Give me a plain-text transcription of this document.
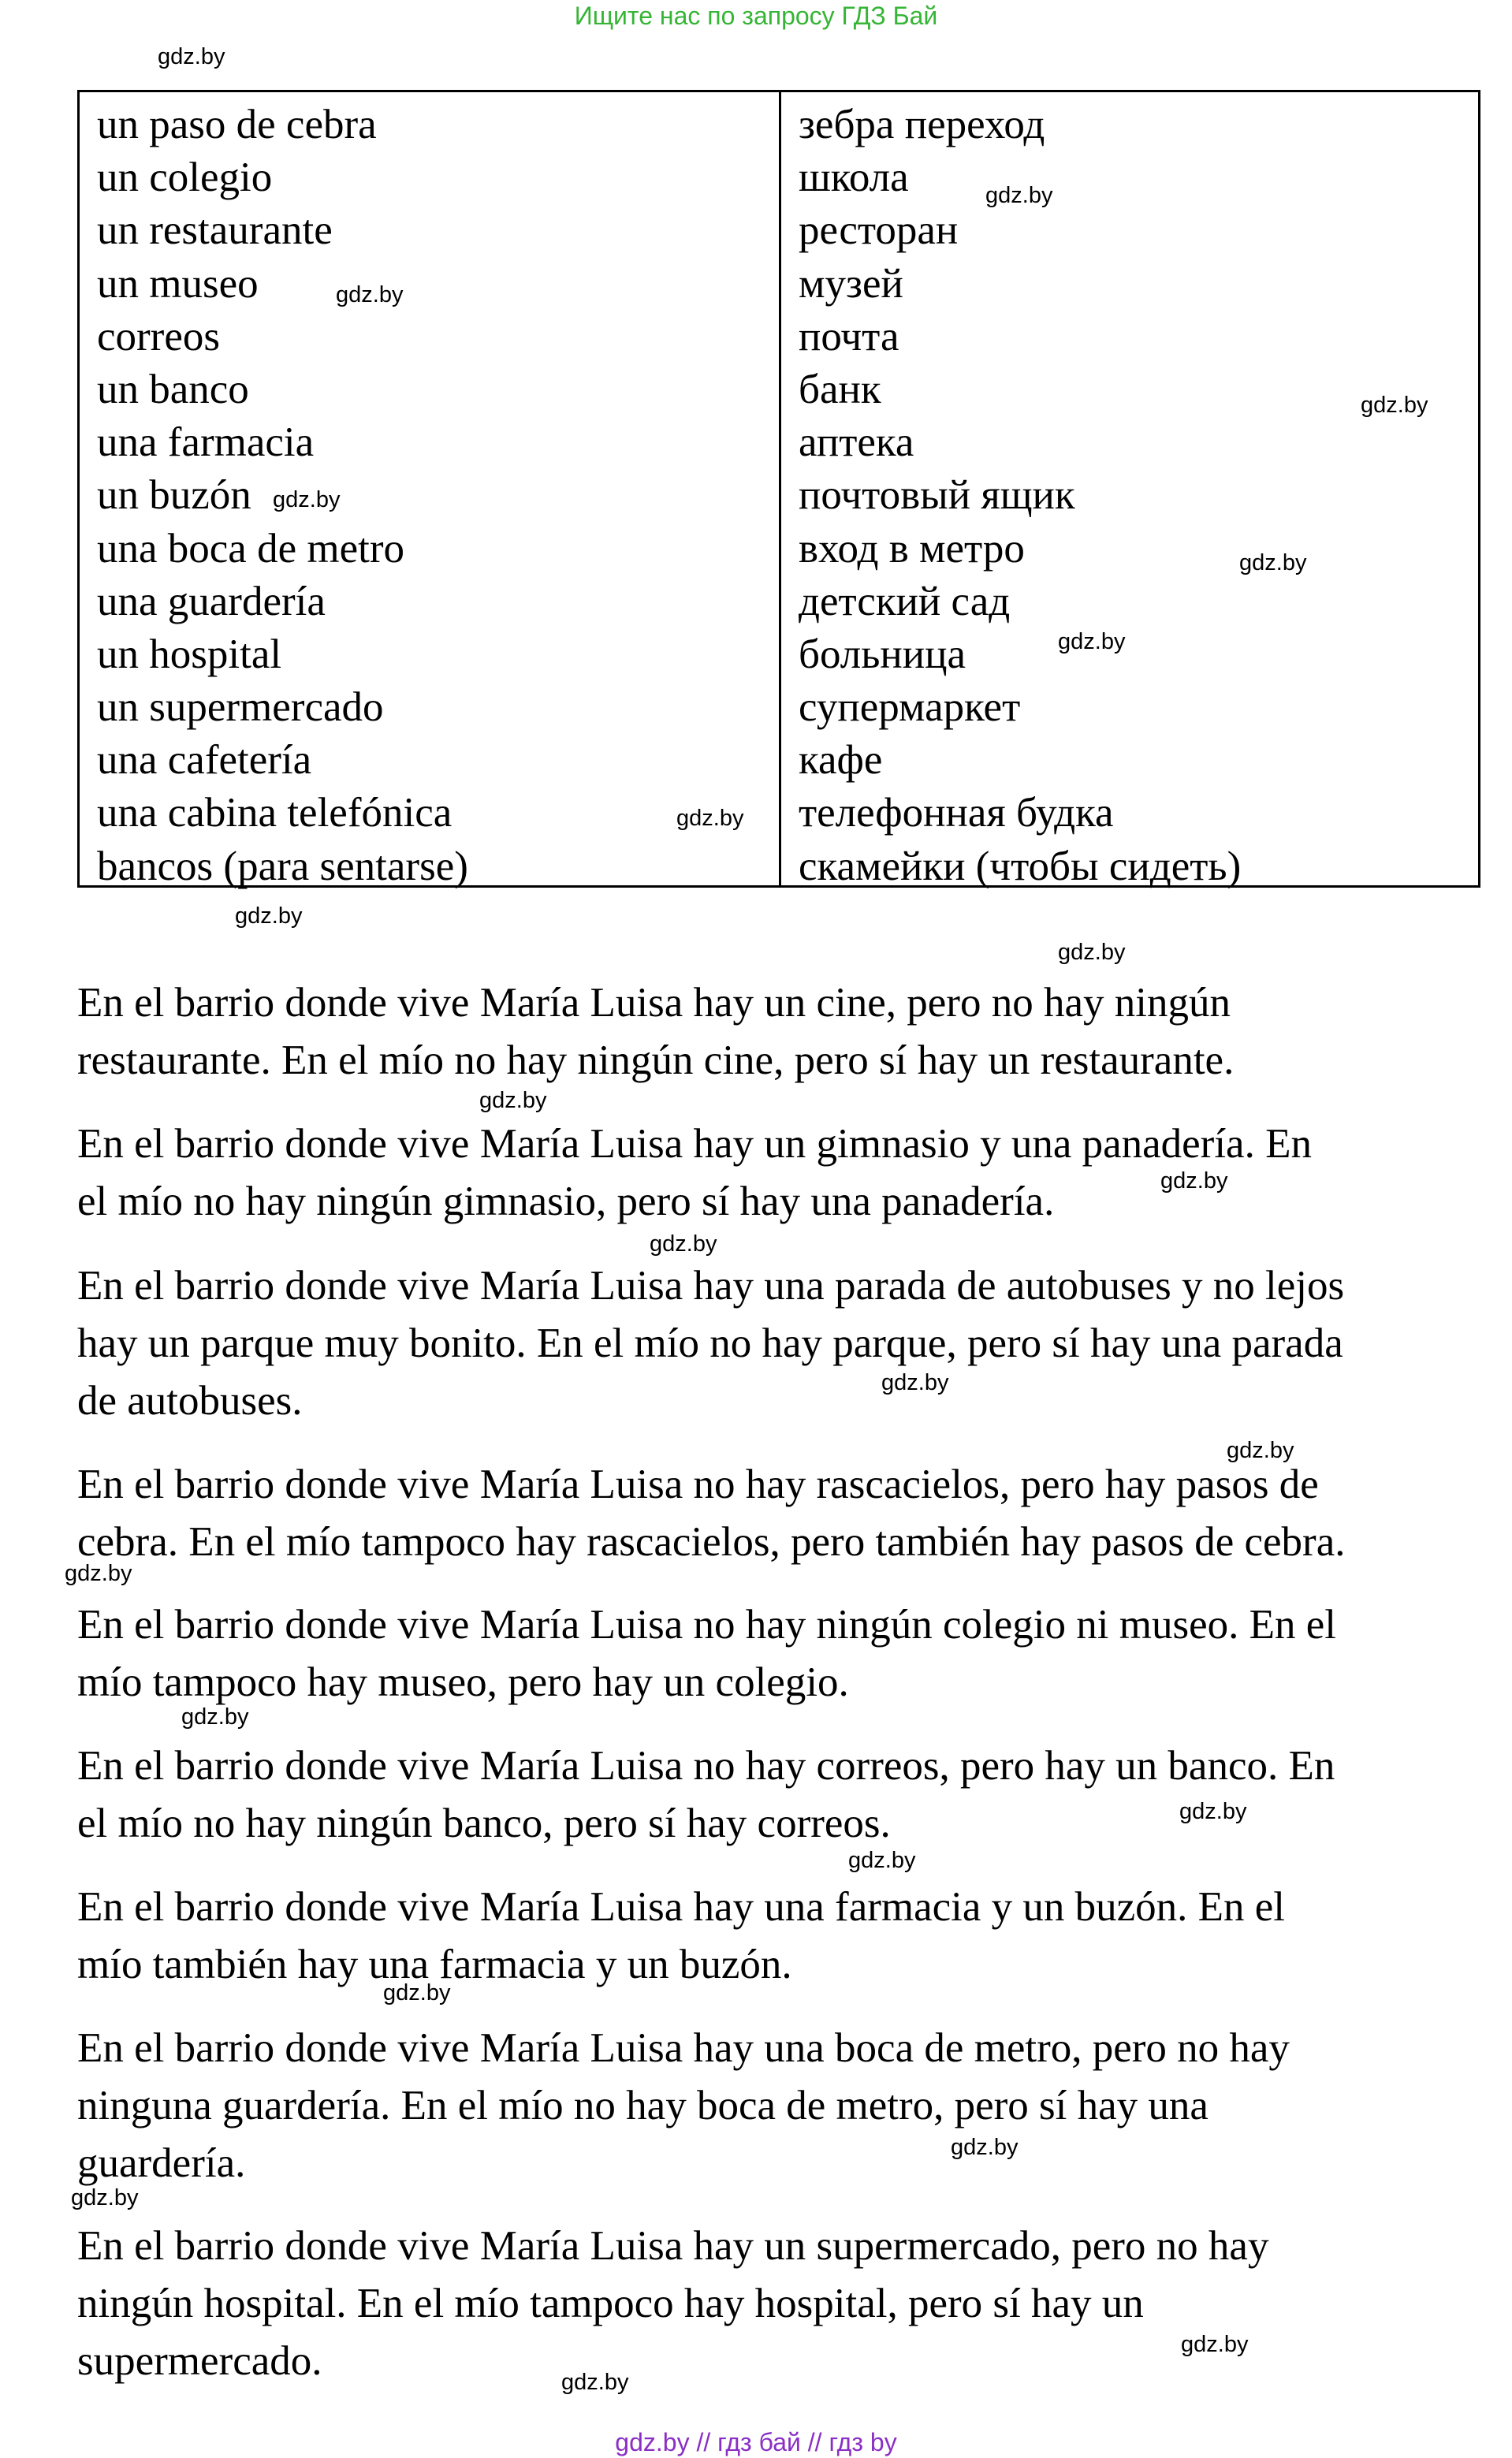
Ищите нас по запросу ГДЗ Бай
un paso de cebra
un colegio
un restaurante
un museo
correos
un banco
una farmacia
un buzón
una boca de metro
una guardería
un hospital
un supermercado
una cafetería
una cabina telefónica
bancos (para sentarse)
зебра переход
школа
ресторан
музей
почта
банк
аптека
почтовый ящик
вход в метро
детский сад
больница
супермаркет
кафе
телефонная будка
скамейки (чтобы сидеть)
En el barrio donde vive María Luisa hay un cine, pero no hay ningún
restaurante. En el mío no hay ningún cine, pero sí hay un restaurante.
En el barrio donde vive María Luisa hay un gimnasio y una panadería. En
el mío no hay ningún gimnasio, pero sí hay una panadería.
En el barrio donde vive María Luisa hay una parada de autobuses y no lejos
hay un parque muy bonito. En el mío no hay parque, pero sí hay una parada
de autobuses.
En el barrio donde vive María Luisa no hay rascacielos, pero hay pasos de
cebra. En el mío tampoco hay rascacielos, pero también hay pasos de cebra.
En el barrio donde vive María Luisa no hay ningún colegio ni museo. En el
mío tampoco hay museo, pero hay un colegio.
En el barrio donde vive María Luisa no hay correos, pero hay un banco. En
el mío no hay ningún banco, pero sí hay correos.
En el barrio donde vive María Luisa hay una farmacia y un buzón. En el
mío también hay una farmacia y un buzón.
En el barrio donde vive María Luisa hay una boca de metro, pero no hay
ninguna guardería. En el mío no hay boca de metro, pero sí hay una
guardería.
En el barrio donde vive María Luisa hay un supermercado, pero no hay
ningún hospital. En el mío tampoco hay hospital, pero sí hay un
supermercado.
gdz.by
gdz.by
gdz.by
gdz.by
gdz.by
gdz.by
gdz.by
gdz.by
gdz.by
gdz.by
gdz.by
gdz.by
gdz.by
gdz.by
gdz.by
gdz.by
gdz.by
gdz.by
gdz.by
gdz.by
gdz.by
gdz.by
gdz.by
gdz.by
gdz.by // гдз бай // гдз by
